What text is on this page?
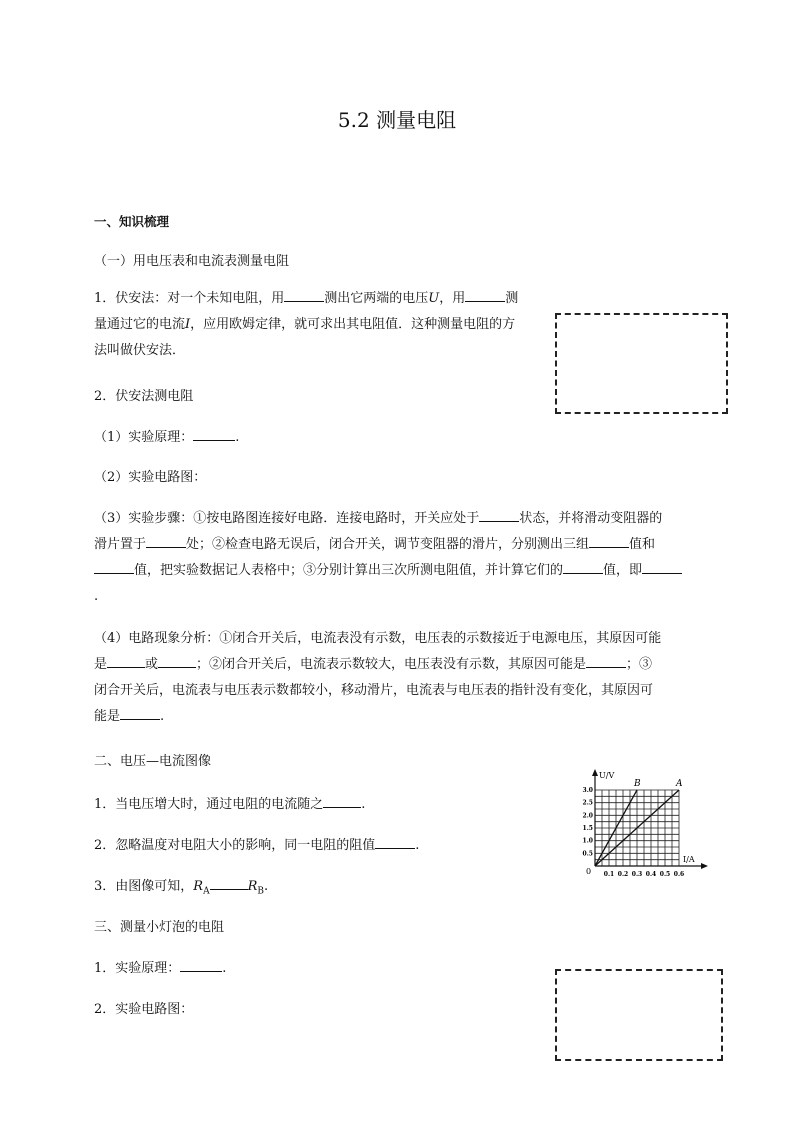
5.2 测量电阻
一、知识梳理
（一）用电压表和电流表测量电阻
1．伏安法：对一个未知电阻，用	测出它两端的电压U，用	测
量通过它的电流I，应用欧姆定律，就可求出其电阻值．这种测量电阻的方
法叫做伏安法．
2．伏安法测电阻
（1）实验原理：	.
（2）实验电路图：
（3）实验步骤：①按电路图连接好电路．连接电路时，开关应处于	状态，并将滑动变阻器的
滑片置于	处；②检查电路无误后，闭合开关，调节变阻器的滑片，分别测出三组	值和
值，把实验数据记人表格中；③分别计算出三次所测电阻值，并计算它们的	值，即
.
（4）电路现象分析：①闭合开关后，电流表没有示数，电压表的示数接近于电源电压，其原因可能
是	或	；②闭合开关后，电流表示数较大，电压表没有示数，其原因可能是	；③
闭合开关后，电流表与电压表示数都较小，移动滑片，电流表与电压表的指针没有变化，其原因可
能是	.
二、电压—电流图像
1．当电压增大时，通过电阻的电流随之	.
2．忽略温度对电阻大小的影响，同一电阻的阻值	.
3．由图像可知，$R_A$	$R_B$.
三、测量小灯泡的电阻
1．实验原理：	.
2．实验电路图：
A
B
0.1 0.2 0.3 0.4 0.5 0.6
0.5
1.0
1.5
2.0
2.5
3.0
0
U/V
I/A
